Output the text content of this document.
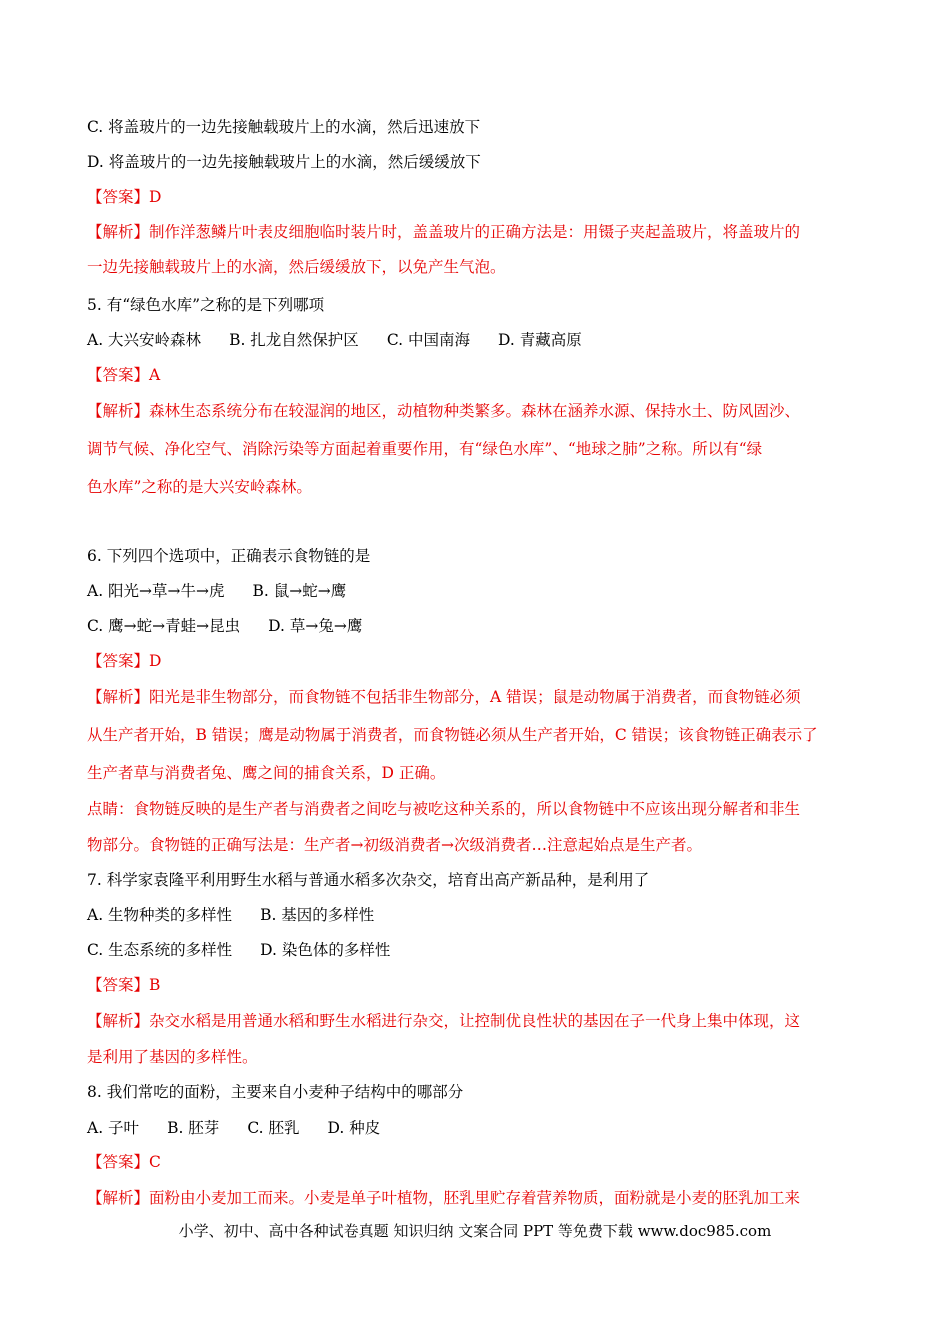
C. 将盖玻片的一边先接触载玻片上的水滴，然后迅速放下
D. 将盖玻片的一边先接触载玻片上的水滴，然后缓缓放下
【答案】D
【解析】制作洋葱鳞片叶表皮细胞临时装片时，盖盖玻片的正确方法是：用镊子夹起盖玻片，将盖玻片的
一边先接触载玻片上的水滴，然后缓缓放下，以免产生气泡。
5. 有“绿色水库”之称的是下列哪项
A. 大兴安岭森林 B. 扎龙自然保护区 C. 中国南海 D. 青藏高原
【答案】A
【解析】森林生态系统分布在较湿润的地区，动植物种类繁多。森林在涵养水源、保持水土、防风固沙、
调节气候、净化空气、消除污染等方面起着重要作用，有“绿色水库”、“地球之肺”之称。所以有“绿
色水库”之称的是大兴安岭森林。
6. 下列四个选项中，正确表示食物链的是
A. 阳光→草→牛→虎 B. 鼠→蛇→鹰
C. 鹰→蛇→青蛙→昆虫 D. 草→兔→鹰
【答案】D
【解析】阳光是非生物部分，而食物链不包括非生物部分，A 错误；鼠是动物属于消费者，而食物链必须
从生产者开始，B 错误；鹰是动物属于消费者，而食物链必须从生产者开始，C 错误；该食物链正确表示了
生产者草与消费者兔、鹰之间的捕食关系，D 正确。
点睛：食物链反映的是生产者与消费者之间吃与被吃这种关系的，所以食物链中不应该出现分解者和非生
物部分。食物链的正确写法是：生产者→初级消费者→次级消费者…注意起始点是生产者。
7. 科学家袁隆平利用野生水稻与普通水稻多次杂交，培育出高产新品种，是利用了
A. 生物种类的多样性 B. 基因的多样性
C. 生态系统的多样性 D. 染色体的多样性
【答案】B
【解析】杂交水稻是用普通水稻和野生水稻进行杂交，让控制优良性状的基因在子一代身上集中体现，这
是利用了基因的多样性。
8. 我们常吃的面粉，主要来自小麦种子结构中的哪部分
A. 子叶 B. 胚芽 C. 胚乳 D. 种皮
【答案】C
【解析】面粉由小麦加工而来。小麦是单子叶植物，胚乳里贮存着营养物质，面粉就是小麦的胚乳加工来
小学、初中、高中各种试卷真题 知识归纳 文案合同 PPT 等免费下载 www.doc985.com
